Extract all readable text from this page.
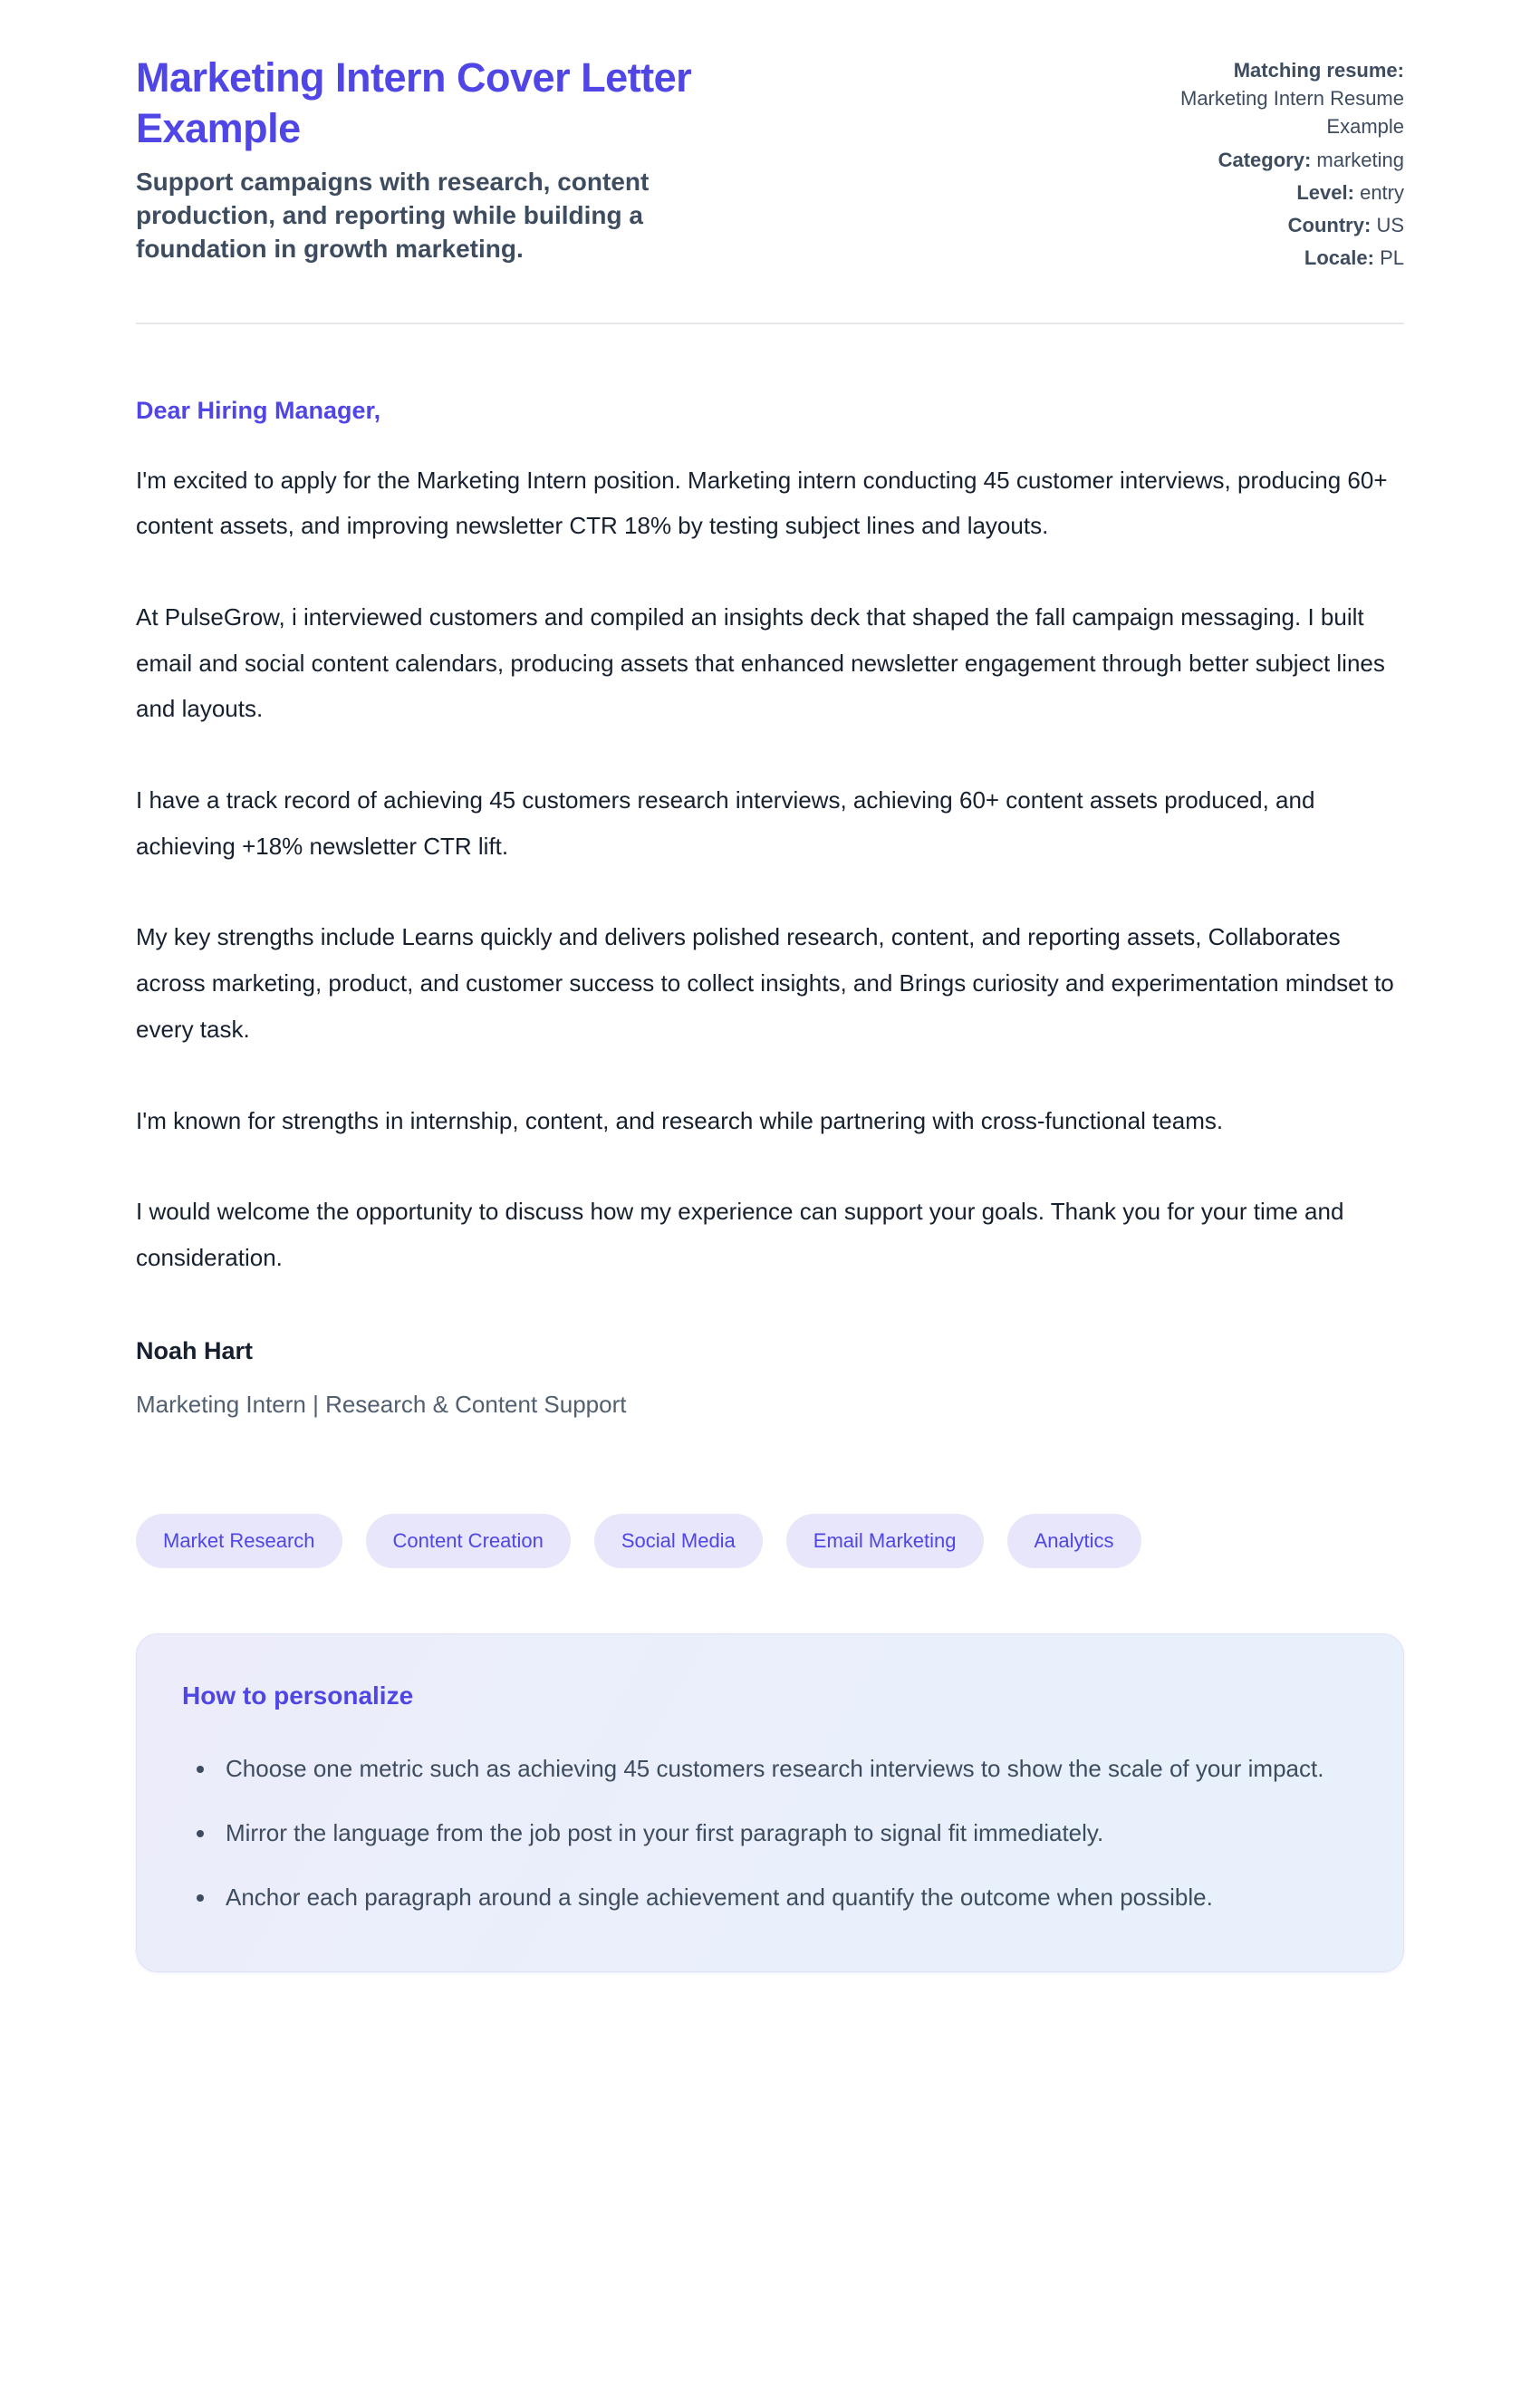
Marketing Intern Cover Letter Example
Support campaigns with research, content production, and reporting while building a foundation in growth marketing.
Matching resume: Marketing Intern Resume Example
Category: marketing
Level: entry
Country: US
Locale: PL
Dear Hiring Manager,

I'm excited to apply for the Marketing Intern position. Marketing intern conducting 45 customer interviews, producing 60+ content assets, and improving newsletter CTR 18% by testing subject lines and layouts.

At PulseGrow, i interviewed customers and compiled an insights deck that shaped the fall campaign messaging. I built email and social content calendars, producing assets that enhanced newsletter engagement through better subject lines and layouts.

I have a track record of achieving 45 customers research interviews, achieving 60+ content assets produced, and achieving +18% newsletter CTR lift.

My key strengths include Learns quickly and delivers polished research, content, and reporting assets, Collaborates across marketing, product, and customer success to collect insights, and Brings curiosity and experimentation mindset to every task.

I'm known for strengths in internship, content, and research while partnering with cross-functional teams.

I would welcome the opportunity to discuss how my experience can support your goals. Thank you for your time and consideration.

Noah Hart
Marketing Intern | Research & Content Support
Market Research	Content Creation	Social Media	Email Marketing	Analytics
How to personalize
Choose one metric such as achieving 45 customers research interviews to show the scale of your impact.
Mirror the language from the job post in your first paragraph to signal fit immediately.
Anchor each paragraph around a single achievement and quantify the outcome when possible.
